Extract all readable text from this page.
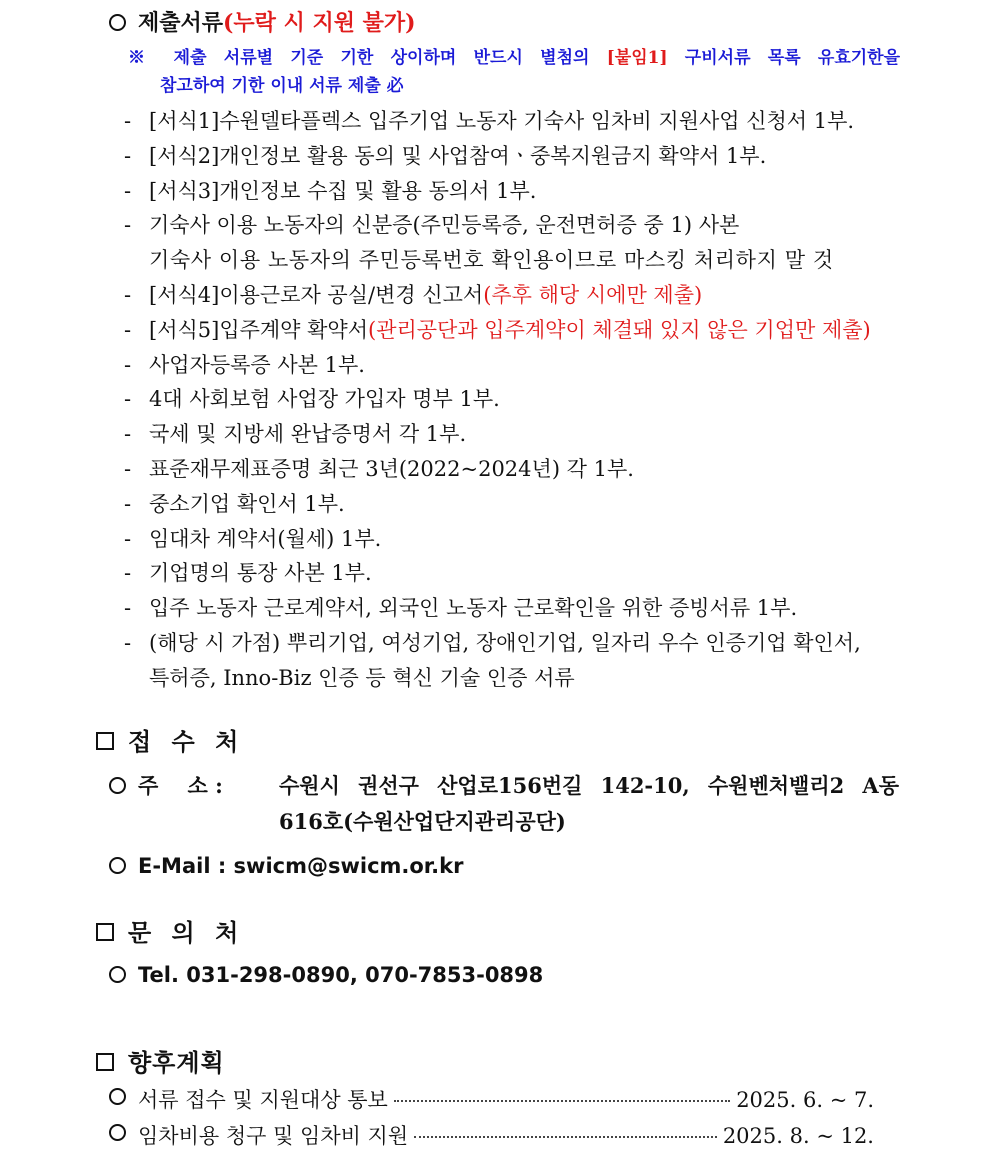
제출서류(누락 시 지원 불가)
※ 제출 서류별 기준 기한 상이하며 반드시 별첨의 [붙임1] 구비서류 목록 유효기한을
참고하여 기한 이내 서류 제출 必
- [서식1]수원델타플렉스 입주기업 노동자 기숙사 임차비 지원사업 신청서 1부.
- [서식2]개인정보 활용 동의 및 사업참여ㆍ중복지원금지 확약서 1부.
- [서식3]개인정보 수집 및 활용 동의서 1부.
- 기숙사 이용 노동자의 신분증(주민등록증, 운전면허증 중 1) 사본
기숙사 이용 노동자의 주민등록번호 확인용이므로 마스킹 처리하지 말 것
- [서식4]이용근로자 공실/변경 신고서(추후 해당 시에만 제출)
- [서식5]입주계약 확약서(관리공단과 입주계약이 체결돼 있지 않은 기업만 제출)
- 사업자등록증 사본 1부.
- 4대 사회보험 사업장 가입자 명부 1부.
- 국세 및 지방세 완납증명서 각 1부.
- 표준재무제표증명 최근 3년(2022~2024년) 각 1부.
- 중소기업 확인서 1부.
- 임대차 계약서(월세) 1부.
- 기업명의 통장 사본 1부.
- 입주 노동자 근로계약서, 외국인 노동자 근로확인을 위한 증빙서류 1부.
- (해당 시 가점) 뿌리기업, 여성기업, 장애인기업, 일자리 우수 인증기업 확인서,
특허증, Inno-Biz 인증 등 혁신 기술 인증 서류
접 수 처
주    소 :	수원시 권선구 산업로156번길 142-10, 수원벤처밸리2 A동
616호(수원산업단지관리공단)
E-Mail : swicm@swicm.or.kr
문 의 처
Tel. 031-298-0890, 070-7853-0898
향후계획
서류 접수 및 지원대상 통보	2025. 6. ~ 7.
임차비용 청구 및 임차비 지원	2025. 8. ~ 12.
